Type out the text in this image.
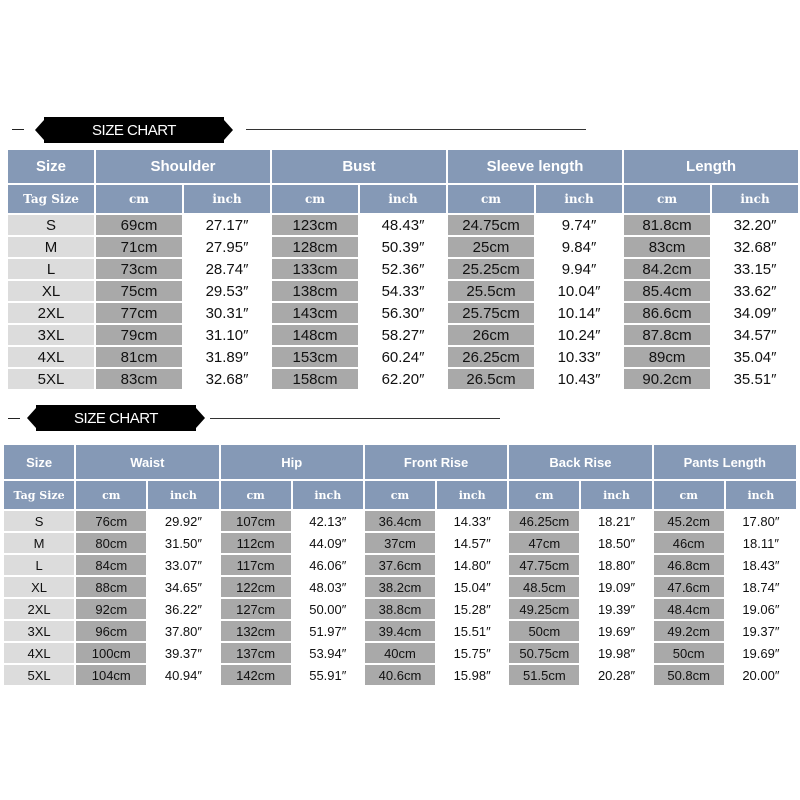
SIZE CHART
Size	Shoulder		Bust		Sleeve length		Length	
Tag Size	cm	inch	cm	inch	cm	inch	cm	inch
S	69cm	27.17″	123cm	48.43″	24.75cm	9.74″	81.8cm	32.20″
M	71cm	27.95″	128cm	50.39″	25cm	9.84″	83cm	32.68″
L	73cm	28.74″	133cm	52.36″	25.25cm	9.94″	84.2cm	33.15″
XL	75cm	29.53″	138cm	54.33″	25.5cm	10.04″	85.4cm	33.62″
2XL	77cm	30.31″	143cm	56.30″	25.75cm	10.14″	86.6cm	34.09″
3XL	79cm	31.10″	148cm	58.27″	26cm	10.24″	87.8cm	34.57″
4XL	81cm	31.89″	153cm	60.24″	26.25cm	10.33″	89cm	35.04″
5XL	83cm	32.68″	158cm	62.20″	26.5cm	10.43″	90.2cm	35.51″
SIZE CHART
Size	Waist		Hip		Front Rise		Back Rise		Pants Length	
Tag Size	cm	inch	cm	inch	cm	inch	cm	inch	cm	inch
S	76cm	29.92″	107cm	42.13″	36.4cm	14.33″	46.25cm	18.21″	45.2cm	17.80″
M	80cm	31.50″	112cm	44.09″	37cm	14.57″	47cm	18.50″	46cm	18.11″
L	84cm	33.07″	117cm	46.06″	37.6cm	14.80″	47.75cm	18.80″	46.8cm	18.43″
XL	88cm	34.65″	122cm	48.03″	38.2cm	15.04″	48.5cm	19.09″	47.6cm	18.74″
2XL	92cm	36.22″	127cm	50.00″	38.8cm	15.28″	49.25cm	19.39″	48.4cm	19.06″
3XL	96cm	37.80″	132cm	51.97″	39.4cm	15.51″	50cm	19.69″	49.2cm	19.37″
4XL	100cm	39.37″	137cm	53.94″	40cm	15.75″	50.75cm	19.98″	50cm	19.69″
5XL	104cm	40.94″	142cm	55.91″	40.6cm	15.98″	51.5cm	20.28″	50.8cm	20.00″
